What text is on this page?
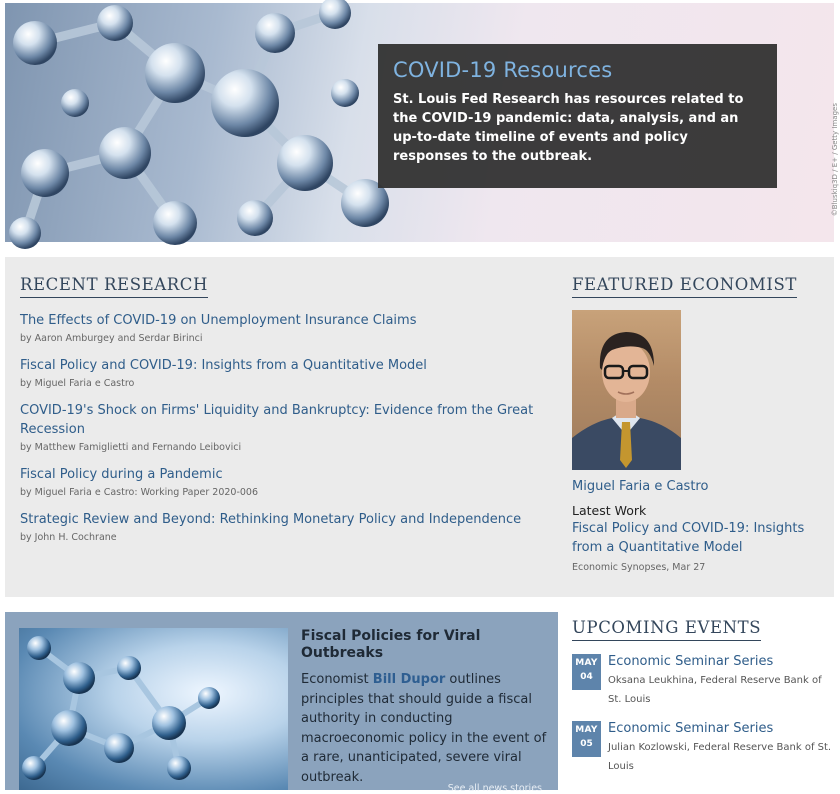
COVID-19 Resources

St. Louis Fed Research has resources related to the COVID-19 pandemic: data, analysis, and an up-to-date timeline of events and policy responses to the outbreak.	©Bluskiq3D / E+ / Getty Images
RECENT RESEARCH
The Effects of COVID-19 on Unemployment Insurance Claims
by Aaron Amburgey and Serdar Birinci
Fiscal Policy and COVID-19: Insights from a Quantitative Model
by Miguel Faria e Castro
COVID-19's Shock on Firms' Liquidity and Bankruptcy: Evidence from the Great Recession
by Matthew Famiglietti and Fernando Leibovici
Fiscal Policy during a Pandemic
by Miguel Faria e Castro: Working Paper 2020-006
Strategic Review and Beyond: Rethinking Monetary Policy and Independence
by John H. Cochrane
FEATURED ECONOMIST
Miguel Faria e Castro
Latest Work
Fiscal Policy and COVID-19: Insights from a Quantitative Model
Economic Synopses, Mar 27
Fiscal Policies for Viral Outbreaks

Economist Bill Dupor outlines principles that should guide a fiscal authority in conducting macroeconomic policy in the event of a rare, unanticipated, severe viral outbreak.

See all news stories
UPCOMING EVENTS
MAY
04
Economic Seminar Series
Oksana Leukhina, Federal Reserve Bank of St. Louis
MAY
05
Economic Seminar Series
Julian Kozlowski, Federal Reserve Bank of St. Louis
